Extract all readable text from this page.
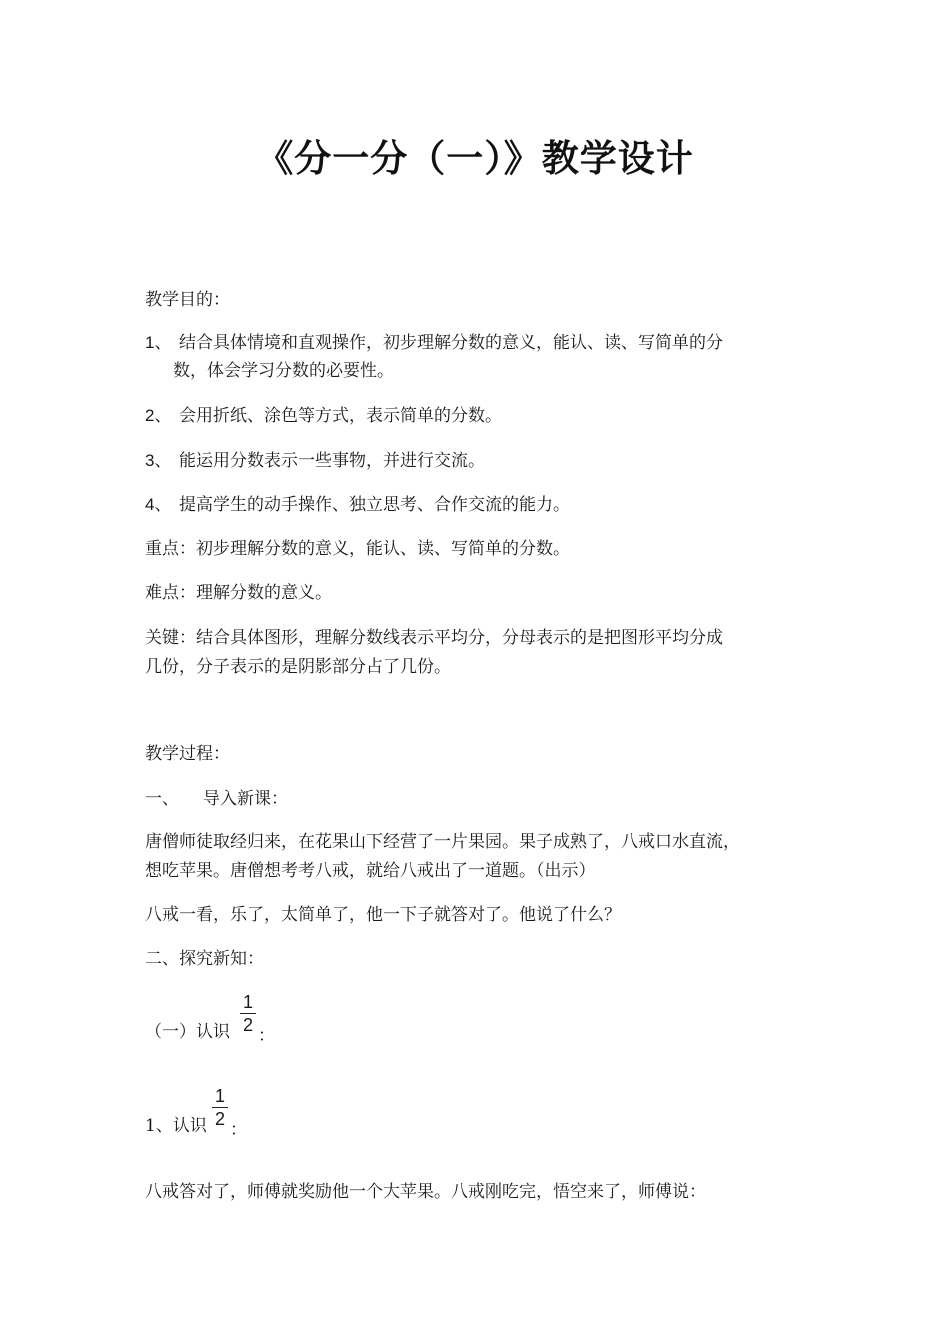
《分一分（一）》教学设计
教学目的：
1、 结合具体情境和直观操作，初步理解分数的意义，能认、读、写简单的分
数，体会学习分数的必要性。
2、 会用折纸、涂色等方式，表示简单的分数。
3、 能运用分数表示一些事物，并进行交流。
4、 提高学生的动手操作、独立思考、合作交流的能力。
重点：初步理解分数的意义，能认、读、写简单的分数。
难点：理解分数的意义。
关键：结合具体图形，理解分数线表示平均分，分母表示的是把图形平均分成
几份，分子表示的是阴影部分占了几份。
教学过程：
一、 导入新课：
唐僧师徒取经归来，在花果山下经营了一片果园。果子成熟了，八戒口水直流，
想吃苹果。唐僧想考考八戒，就给八戒出了一道题。（出示）
八戒一看，乐了，太简单了，他一下子就答对了。他说了什么？
二、探究新知：
（一）认识
1
2
：
1、认识
1
2
：
八戒答对了，师傅就奖励他一个大苹果。八戒刚吃完，悟空来了，师傅说：
